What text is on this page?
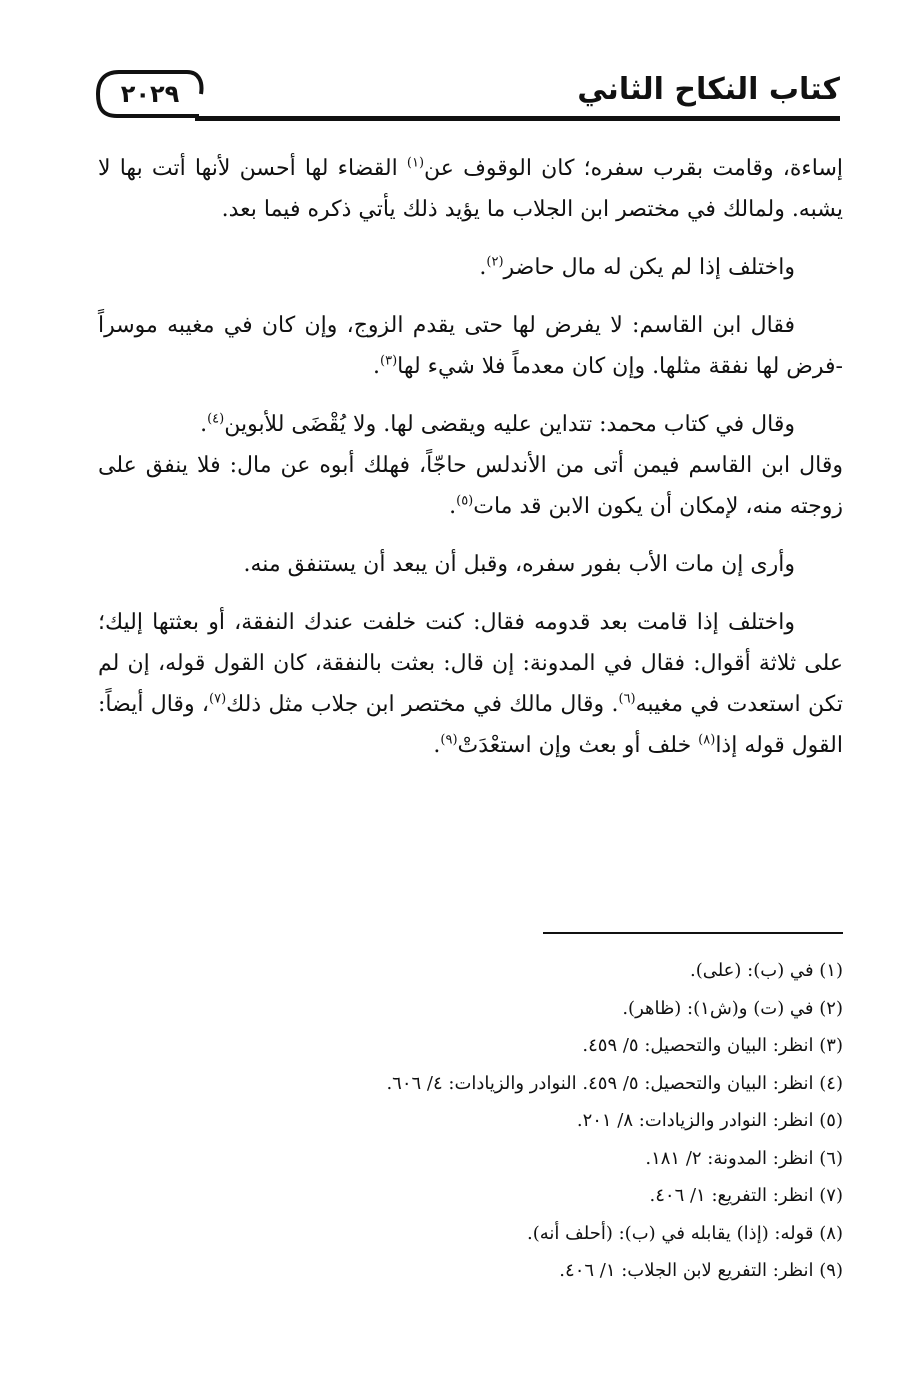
٢٠٢٩	كتاب النكاح الثاني

إساءة، وقامت بقرب سفره؛ كان الوقوف عن$^{(١)}$ القضاء لها أحسن لأنها أتت بها لا يشبه. ولمالك في مختصر ابن الجلاب ما يؤيد ذلك يأتي ذكره فيما بعد.

واختلف إذا لم يكن له مال حاضر$^{(٢)}$.

فقال ابن القاسم: لا يفرض لها حتى يقدم الزوج، وإن كان في مغيبه موسراً -فرض لها نفقة مثلها. وإن كان معدماً فلا شيء لها$^{(٣)}$.

وقال في كتاب محمد: تتداين عليه ويقضى لها. ولا يُقْضَى للأبوين$^{(٤)}$.

وقال ابن القاسم فيمن أتى من الأندلس حاجّاً، فهلك أبوه عن مال: فلا ينفق على زوجته منه، لإمكان أن يكون الابن قد مات$^{(٥)}$.

وأرى إن مات الأب بفور سفره، وقبل أن يبعد أن يستنفق منه.

واختلف إذا قامت بعد قدومه فقال: كنت خلفت عندك النفقة، أو بعثتها إليك؛ على ثلاثة أقوال: فقال في المدونة: إن قال: بعثت بالنفقة، كان القول قوله، إن لم تكن استعدت في مغيبه$^{(٦)}$. وقال مالك في مختصر ابن جلاب مثل ذلك$^{(٧)}$، وقال أيضاً: القول قوله إذا$^{(٨)}$ خلف أو بعث وإن استعْدَتْ$^{(٩)}$.

(١) في (ب): (على).
(٢) في (ت) و(ش١): (ظاهر).
(٣) انظر: البيان والتحصيل: ٥/ ٤٥٩.
(٤) انظر: البيان والتحصيل: ٥/ ٤٥٩. النوادر والزيادات: ٤/ ٦٠٦.
(٥) انظر: النوادر والزيادات: ٨/ ٢٠١.
(٦) انظر: المدونة: ٢/ ١٨١.
(٧) انظر: التفريع: ١/ ٤٠٦.
(٨) قوله: (إذا) يقابله في (ب): (أحلف أنه).
(٩) انظر: التفريع لابن الجلاب: ١/ ٤٠٦.
